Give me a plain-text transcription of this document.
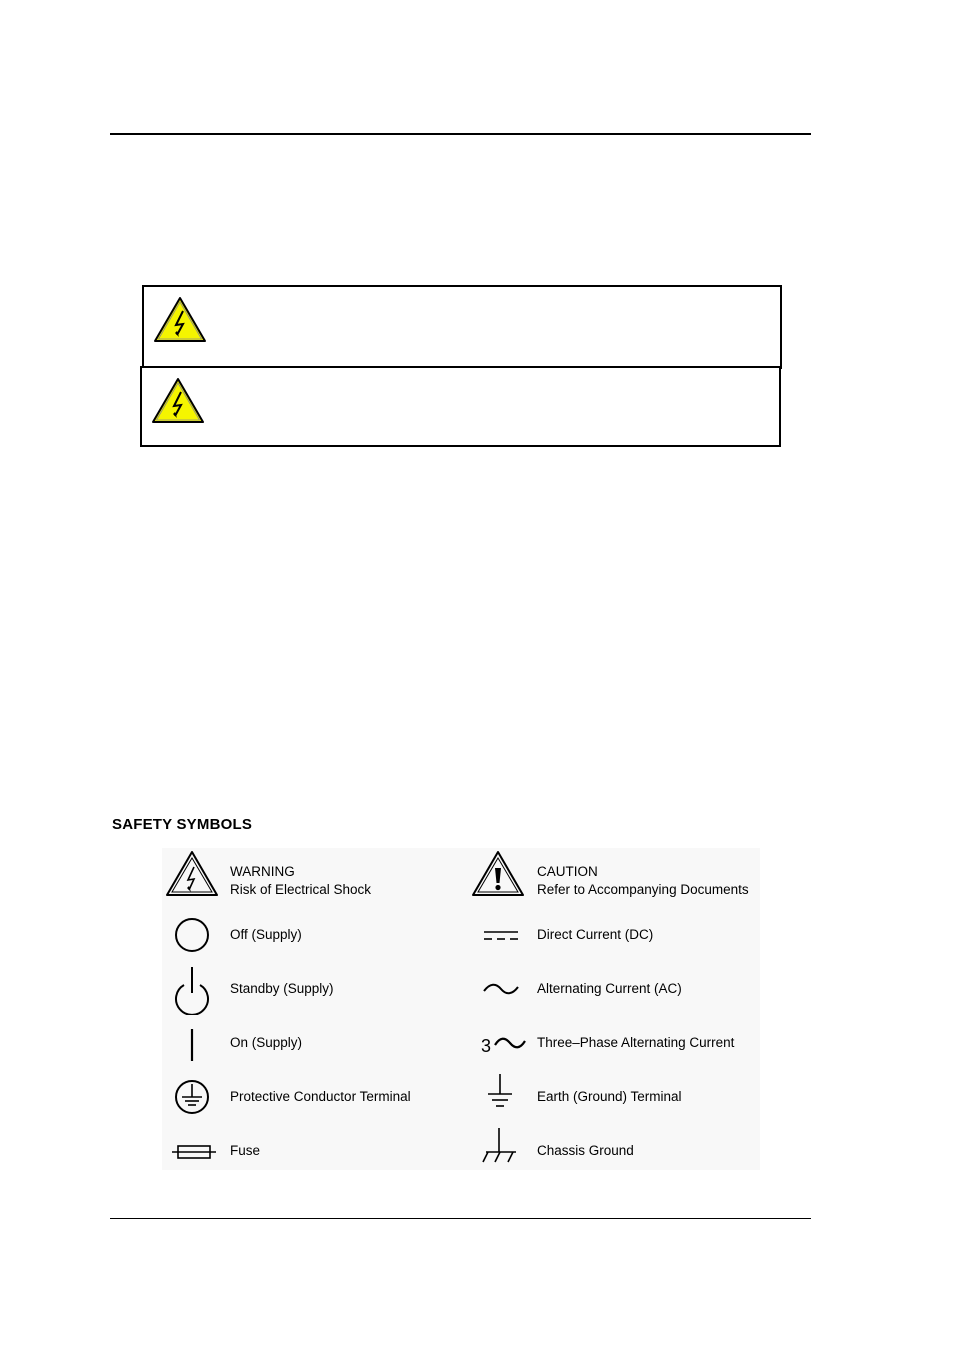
SAFETY SYMBOLS
WARNING
Risk of Electrical Shock
Off (Supply)
Standby (Supply)
On (Supply)
Protective Conductor Terminal
Fuse
CAUTION
Refer to Accompanying Documents
Direct Current (DC)
Alternating Current (AC)
3	Three–Phase Alternating Current
Earth (Ground) Terminal
Chassis Ground
